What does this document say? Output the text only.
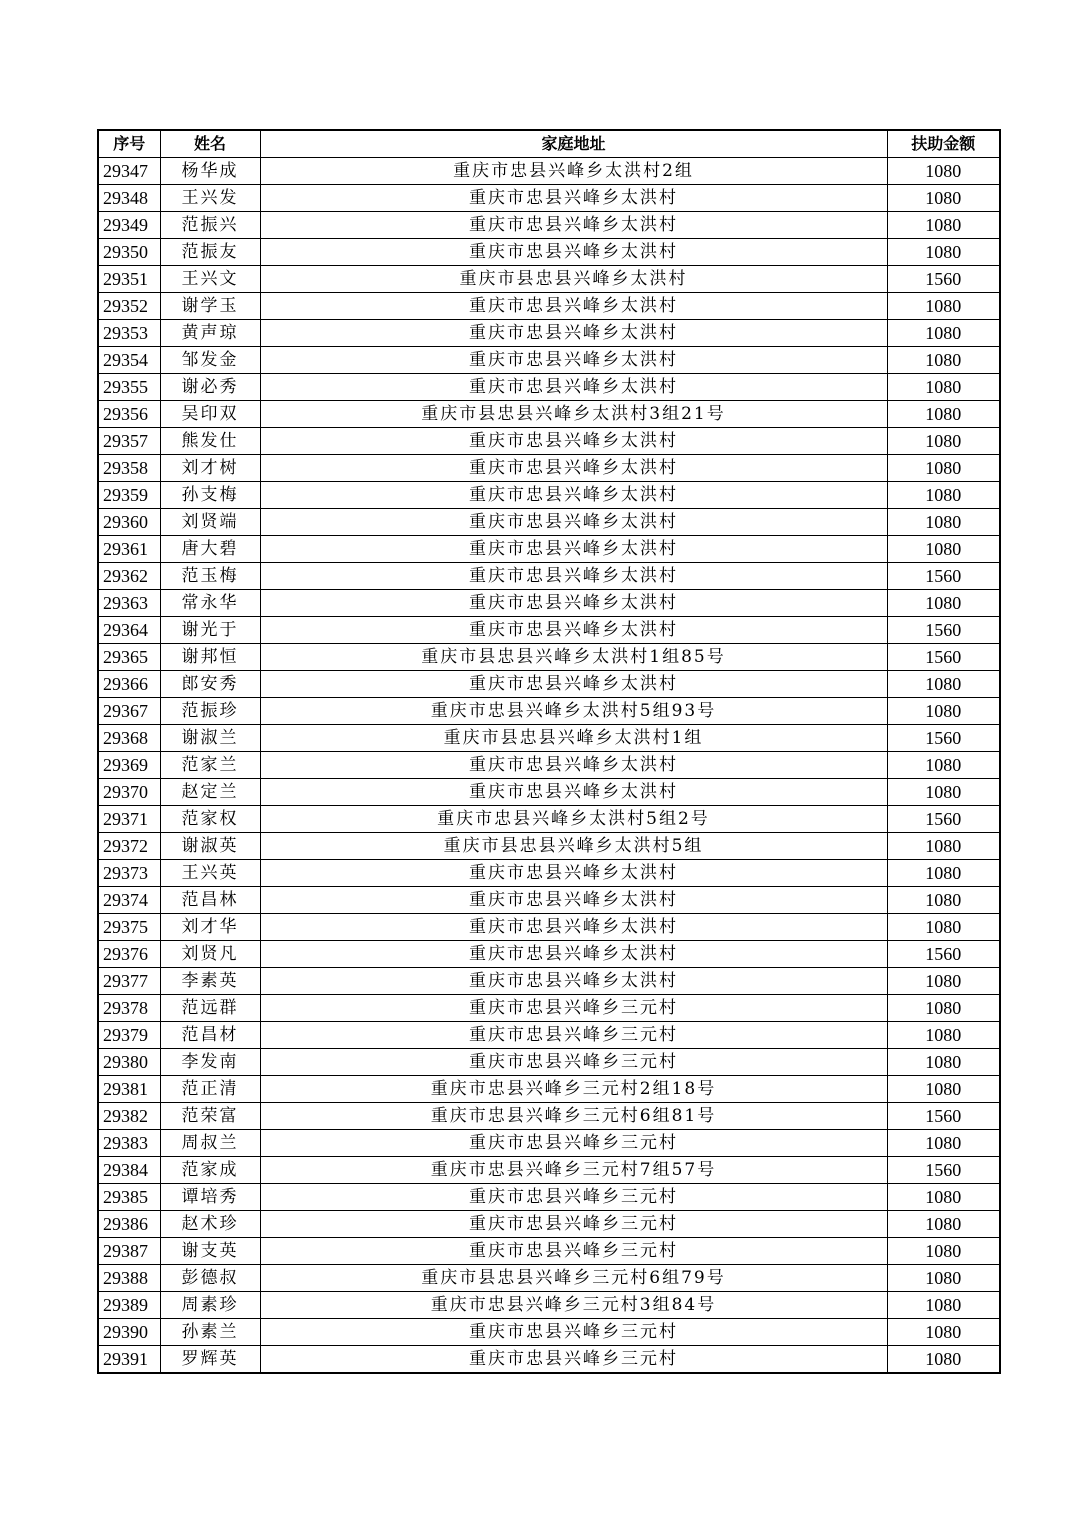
序号	姓名	家庭地址	扶助金额
29347	杨华成	重庆市忠县兴峰乡太洪村2组	1080
29348	王兴发	重庆市忠县兴峰乡太洪村	1080
29349	范振兴	重庆市忠县兴峰乡太洪村	1080
29350	范振友	重庆市忠县兴峰乡太洪村	1080
29351	王兴文	重庆市县忠县兴峰乡太洪村	1560
29352	谢学玉	重庆市忠县兴峰乡太洪村	1080
29353	黄声琼	重庆市忠县兴峰乡太洪村	1080
29354	邹发金	重庆市忠县兴峰乡太洪村	1080
29355	谢必秀	重庆市忠县兴峰乡太洪村	1080
29356	吴印双	重庆市县忠县兴峰乡太洪村3组21号	1080
29357	熊发仕	重庆市忠县兴峰乡太洪村	1080
29358	刘才树	重庆市忠县兴峰乡太洪村	1080
29359	孙支梅	重庆市忠县兴峰乡太洪村	1080
29360	刘贤端	重庆市忠县兴峰乡太洪村	1080
29361	唐大碧	重庆市忠县兴峰乡太洪村	1080
29362	范玉梅	重庆市忠县兴峰乡太洪村	1560
29363	常永华	重庆市忠县兴峰乡太洪村	1080
29364	谢光于	重庆市忠县兴峰乡太洪村	1560
29365	谢邦恒	重庆市县忠县兴峰乡太洪村1组85号	1560
29366	郎安秀	重庆市忠县兴峰乡太洪村	1080
29367	范振珍	重庆市忠县兴峰乡太洪村5组93号	1080
29368	谢淑兰	重庆市县忠县兴峰乡太洪村1组	1560
29369	范家兰	重庆市忠县兴峰乡太洪村	1080
29370	赵定兰	重庆市忠县兴峰乡太洪村	1080
29371	范家权	重庆市忠县兴峰乡太洪村5组2号	1560
29372	谢淑英	重庆市县忠县兴峰乡太洪村5组	1080
29373	王兴英	重庆市忠县兴峰乡太洪村	1080
29374	范昌林	重庆市忠县兴峰乡太洪村	1080
29375	刘才华	重庆市忠县兴峰乡太洪村	1080
29376	刘贤凡	重庆市忠县兴峰乡太洪村	1560
29377	李素英	重庆市忠县兴峰乡太洪村	1080
29378	范远群	重庆市忠县兴峰乡三元村	1080
29379	范昌材	重庆市忠县兴峰乡三元村	1080
29380	李发南	重庆市忠县兴峰乡三元村	1080
29381	范正清	重庆市忠县兴峰乡三元村2组18号	1080
29382	范荣富	重庆市忠县兴峰乡三元村6组81号	1560
29383	周叔兰	重庆市忠县兴峰乡三元村	1080
29384	范家成	重庆市忠县兴峰乡三元村7组57号	1560
29385	谭培秀	重庆市忠县兴峰乡三元村	1080
29386	赵术珍	重庆市忠县兴峰乡三元村	1080
29387	谢支英	重庆市忠县兴峰乡三元村	1080
29388	彭德叔	重庆市县忠县兴峰乡三元村6组79号	1080
29389	周素珍	重庆市忠县兴峰乡三元村3组84号	1080
29390	孙素兰	重庆市忠县兴峰乡三元村	1080
29391	罗辉英	重庆市忠县兴峰乡三元村	1080
